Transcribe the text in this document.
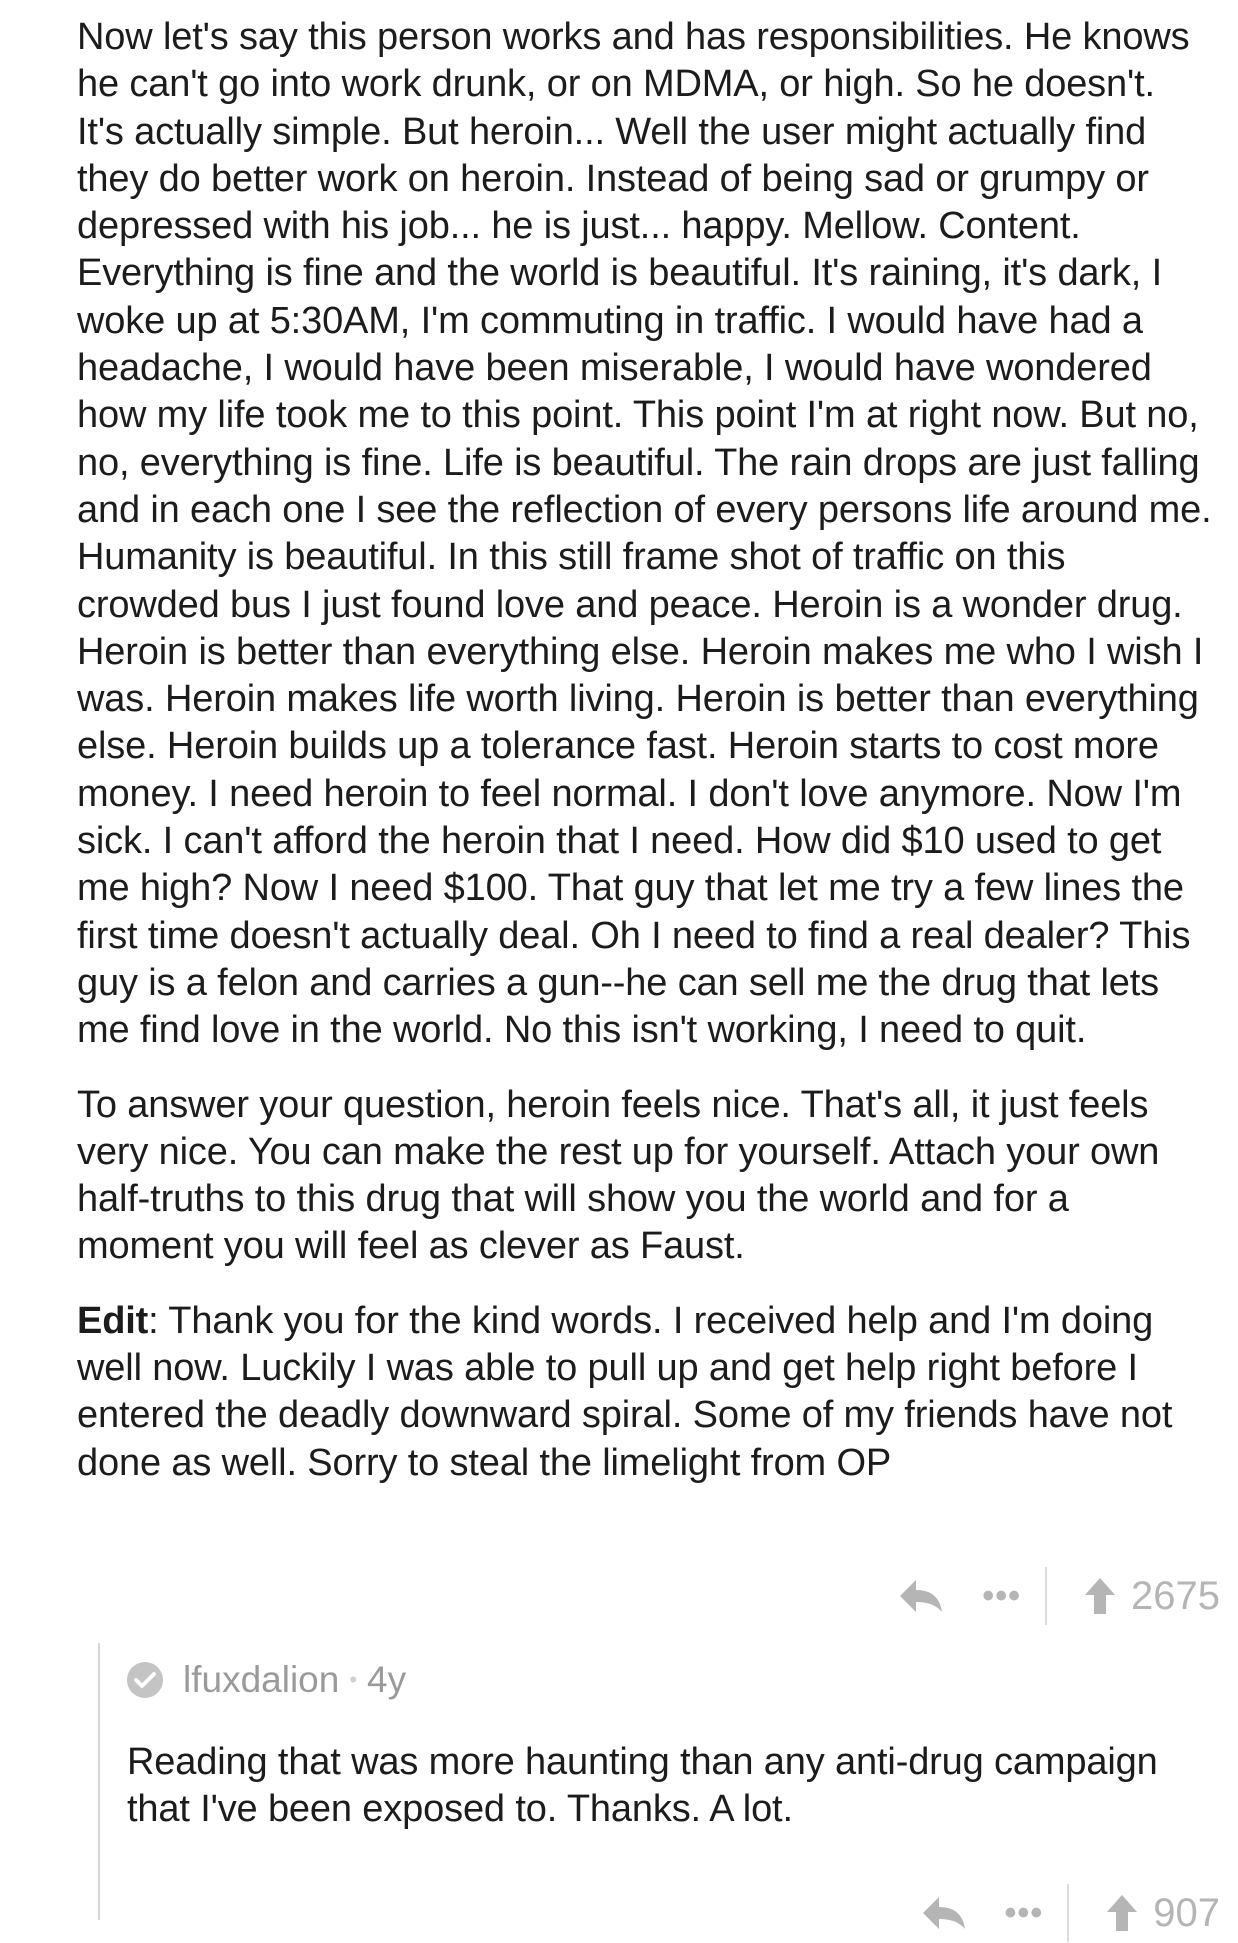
Now let's say this person works and has responsibilities. He knows he can't go into work drunk, or on MDMA, or high. So he doesn't. It's actually simple. But heroin... Well the user might actually find they do better work on heroin. Instead of being sad or grumpy or depressed with his job... he is just... happy. Mellow. Content. Everything is fine and the world is beautiful. It's raining, it's dark, I woke up at 5:30AM, I'm commuting in traffic. I would have had a headache, I would have been miserable, I would have wondered how my life took me to this point. This point I'm at right now. But no, no, everything is fine. Life is beautiful. The rain drops are just falling and in each one I see the reflection of every persons life around me. Humanity is beautiful. In this still frame shot of traffic on this crowded bus I just found love and peace. Heroin is a wonder drug. Heroin is better than everything else. Heroin makes me who I wish I was. Heroin makes life worth living. Heroin is better than everything else. Heroin builds up a tolerance fast. Heroin starts to cost more money. I need heroin to feel normal. I don't love anymore. Now I'm sick. I can't afford the heroin that I need. How did $10 used to get me high? Now I need $100. That guy that let me try a few lines the first time doesn't actually deal. Oh I need to find a real dealer? This guy is a felon and carries a gun--he can sell me the drug that lets me find love in the world. No this isn't working, I need to quit.

To answer your question, heroin feels nice. That's all, it just feels very nice. You can make the rest up for yourself. Attach your own half-truths to this drug that will show you the world and for a moment you will feel as clever as Faust.

Edit: Thank you for the kind words. I received help and I'm doing well now. Luckily I was able to pull up and get help right before I entered the deadly downward spiral. Some of my friends have not done as well. Sorry to steal the limelight from OP

•••	2675
lfuxdalion • 4y

Reading that was more haunting than any anti-drug campaign that I've been exposed to. Thanks. A lot.

•••	907
